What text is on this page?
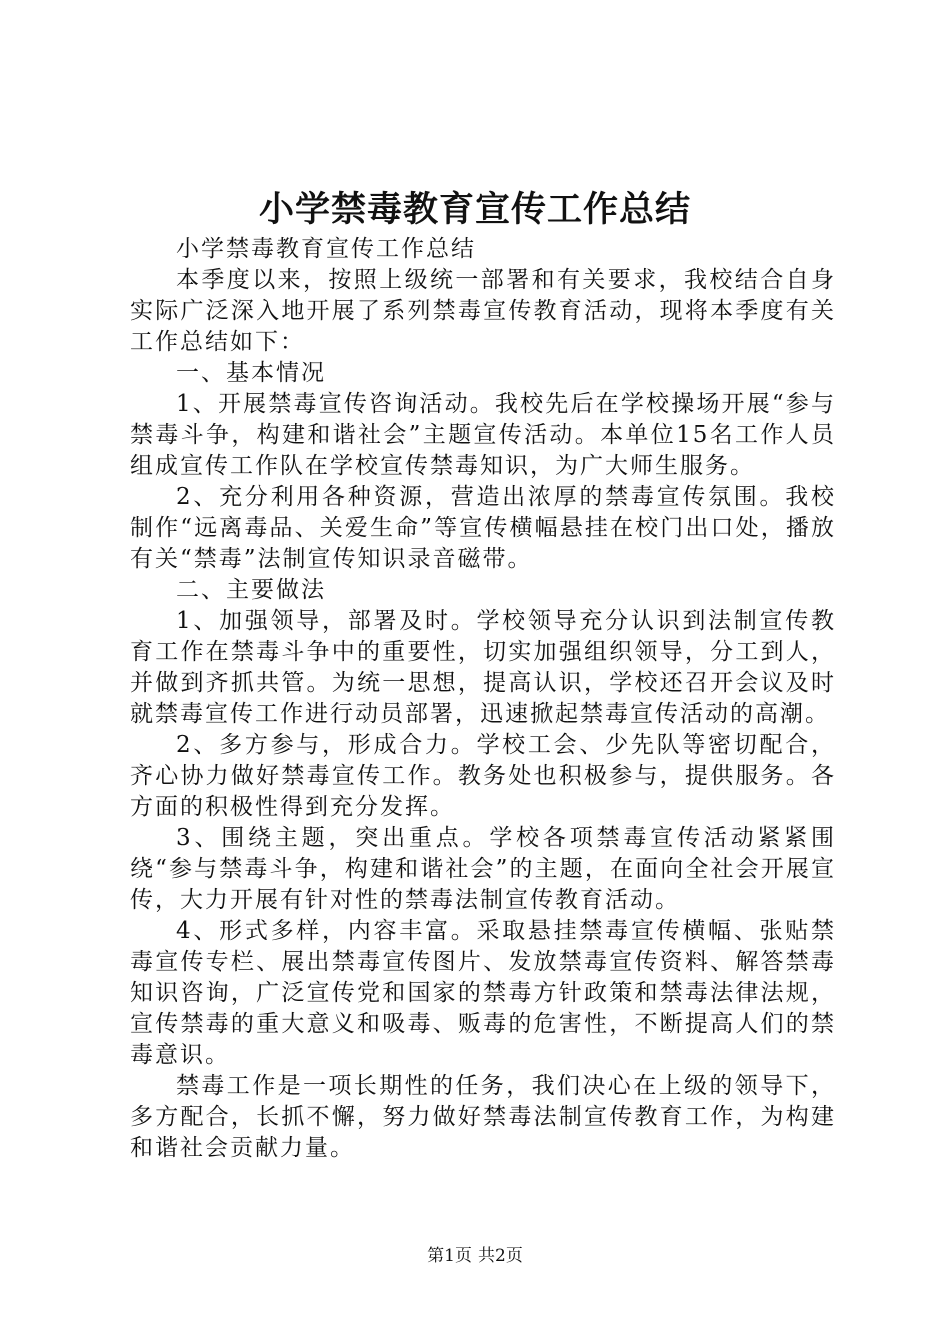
小学禁毒教育宣传工作总结

小学禁毒教育宣传工作总结

本季度以来，按照上级统一部署和有关要求，我校结合自身实际广泛深入地开展了系列禁毒宣传教育活动，现将本季度有关工作总结如下：

一、基本情况

1、开展禁毒宣传咨询活动。我校先后在学校操场开展“参与禁毒斗争，构建和谐社会”主题宣传活动。本单位15名工作人员组成宣传工作队在学校宣传禁毒知识，为广大师生服务。

2、充分利用各种资源，营造出浓厚的禁毒宣传氛围。我校制作“远离毒品、关爱生命”等宣传横幅悬挂在校门出口处，播放有关“禁毒”法制宣传知识录音磁带。

二、主要做法

1、加强领导，部署及时。学校领导充分认识到法制宣传教育工作在禁毒斗争中的重要性，切实加强组织领导，分工到人，并做到齐抓共管。为统一思想，提高认识，学校还召开会议及时就禁毒宣传工作进行动员部署，迅速掀起禁毒宣传活动的高潮。

2、多方参与，形成合力。学校工会、少先队等密切配合，齐心协力做好禁毒宣传工作。教务处也积极参与，提供服务。各方面的积极性得到充分发挥。

3、围绕主题，突出重点。学校各项禁毒宣传活动紧紧围绕“参与禁毒斗争，构建和谐社会”的主题，在面向全社会开展宣传，大力开展有针对性的禁毒法制宣传教育活动。

4、形式多样，内容丰富。采取悬挂禁毒宣传横幅、张贴禁毒宣传专栏、展出禁毒宣传图片、发放禁毒宣传资料、解答禁毒知识咨询，广泛宣传党和国家的禁毒方针政策和禁毒法律法规，宣传禁毒的重大意义和吸毒、贩毒的危害性，不断提高人们的禁毒意识。

禁毒工作是一项长期性的任务，我们决心在上级的领导下，多方配合，长抓不懈，努力做好禁毒法制宣传教育工作，为构建和谐社会贡献力量。

第1页 共2页
